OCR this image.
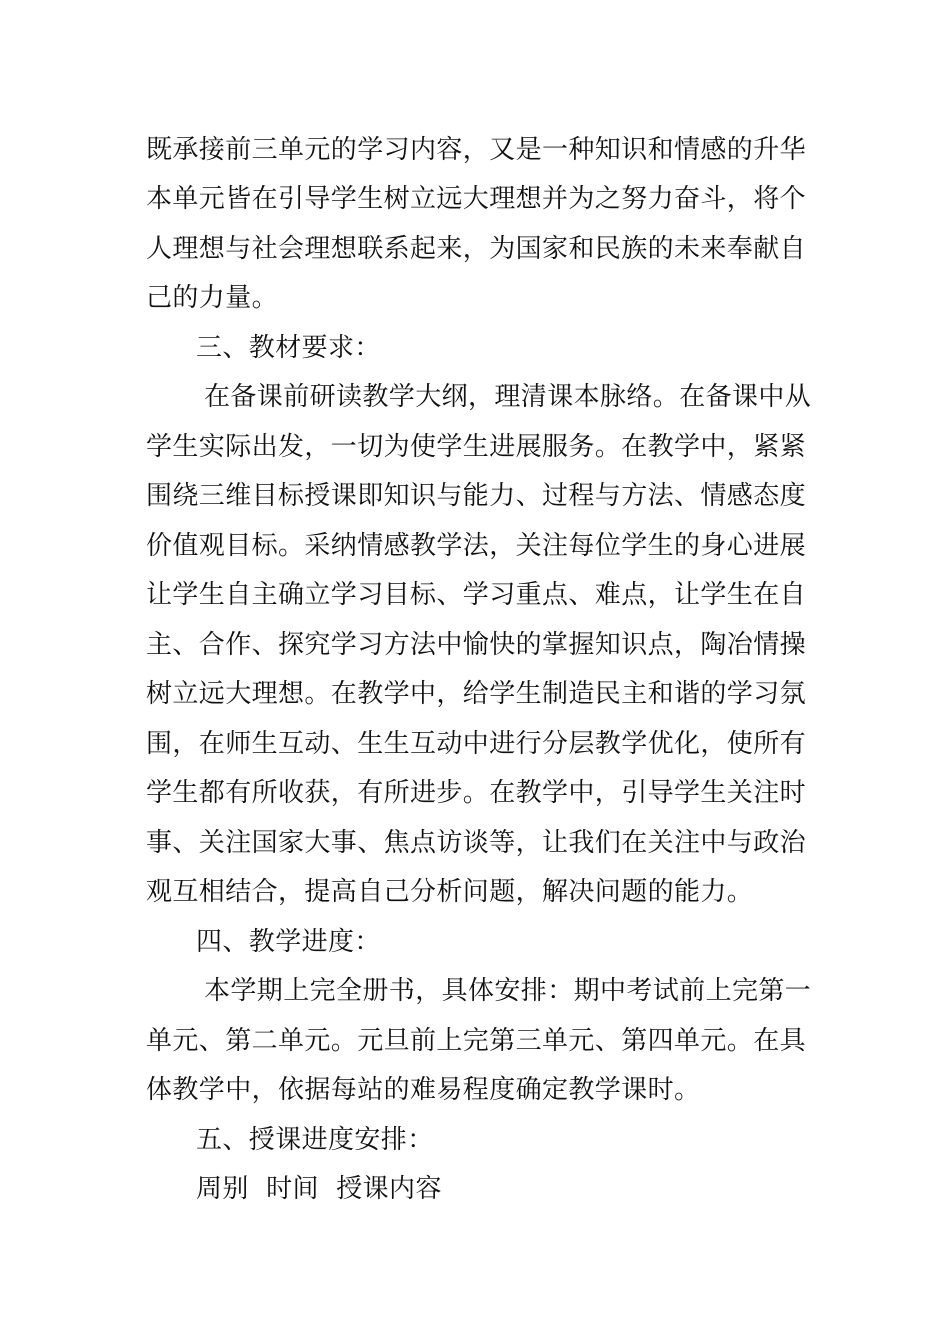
既承接前三单元的学习内容，又是一种知识和情感的升华
本单元皆在引导学生树立远大理想并为之努力奋斗，将个
人理想与社会理想联系起来，为国家和民族的未来奉献自
己的力量。
三、教材要求：
在备课前研读教学大纲，理清课本脉络。在备课中从
学生实际出发，一切为使学生进展服务。在教学中，紧紧
围绕三维目标授课即知识与能力、过程与方法、情感态度
价值观目标。采纳情感教学法，关注每位学生的身心进展
让学生自主确立学习目标、学习重点、难点，让学生在自
主、合作、探究学习方法中愉快的掌握知识点，陶冶情操
树立远大理想。在教学中，给学生制造民主和谐的学习氛
围，在师生互动、生生互动中进行分层教学优化，使所有
学生都有所收获，有所进步。在教学中，引导学生关注时
事、关注国家大事、焦点访谈等，让我们在关注中与政治
观互相结合，提高自己分析问题，解决问题的能力。
四、教学进度：
本学期上完全册书，具体安排：期中考试前上完第一
单元、第二单元。元旦前上完第三单元、第四单元。在具
体教学中，依据每站的难易程度确定教学课时。
五、授课进度安排：
周别  时间  授课内容
